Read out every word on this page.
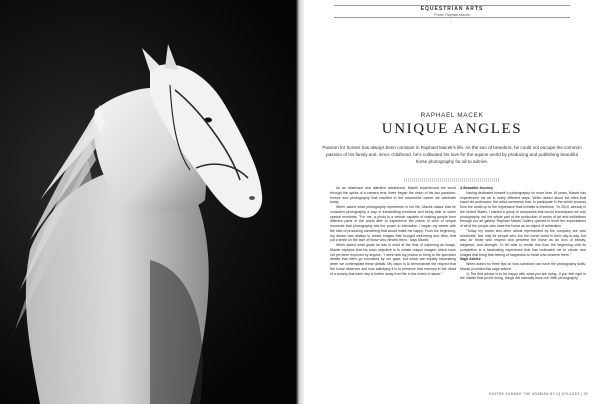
EQUESTRIAN ARTS
Photo: Raphael Macek
RAPHAEL MACEK
UNIQUE ANGLES
Passion for horses has always been constant in Raphael Macek's life. As the son of breeders, he could not escape the common passion of his family and, since childhood, he's cultivated his love for the equine world by producing and publishing beautiful horse photography for all to admire.

As an observant and attentive adolescent, Macek experienced the world through the optics of a camera lens; there began the union of his two passions: horses and photography that resulted in the successful career we celebrate today.

When asked what photography represents in his life, Macek states that he considers photography a way of transmitting emotions and being able to share special moments. "For me, a photo is a vehicle capable of making people from different parts of the world able to experience the points of view of unique moments that photography has the power to eternalize. I began my career with the idea of producing something that would make me happy. From the beginning, my dream was always to create images that brought well-being and bliss, that put a smile on the face of those who viewed them," says Macek.

When asked what goals he has in mind at the time of capturing an image, Macek explains that his main objective is to create unique images, which have not yet been explored by anyone. "I seek with my photos to bring to the spectator details that often go unnoticed by our gaze, but which are equally fascinating when we contemplate these details. My vision is to demonstrate the respect that the horse deserves and how satisfying it is to preserve that memory in the midst of a society that each day is further away from life in the midst of nature."

A Beautiful Journey

Having dedicated himself to photography for more than 16 years, Macek has experienced his art in many different ways. When asked about the titles that stand his profession, the artist comments that, to participate in the whole process from the ambit up to the impressive final exhibits is immense. "In 2019, already in the United States, I started a group of companies that would encompass not only photography, but the whole part of the production of works of art and exhibitions through our art gallery. Raphael Macek Gallery opened to meet the expectations of all of the people who have the horse as an object of admiration.

"Today my works and other artists represented by the company are sold worldwide. Not only for people who live the horse world in their day-to-day, but also for those who respect and perceive the horse as an icon of beauty, elegance, and strength. To be able to create this from the beginning until its completion is a fascinating experience that has motivated me to create new images that bring that feeling of happiness to those who observe them."

Sage Advice

When asked for three tips on how someone can have the photography skills, Macek provided this sage advice:

1) The first advice is to be happy with what you are doing. If you feel right in the middle that you're doing, things will naturally work out. With photography,

EASTER SUMMER THE ARABIAN BY IQ KOLAGES | 39
